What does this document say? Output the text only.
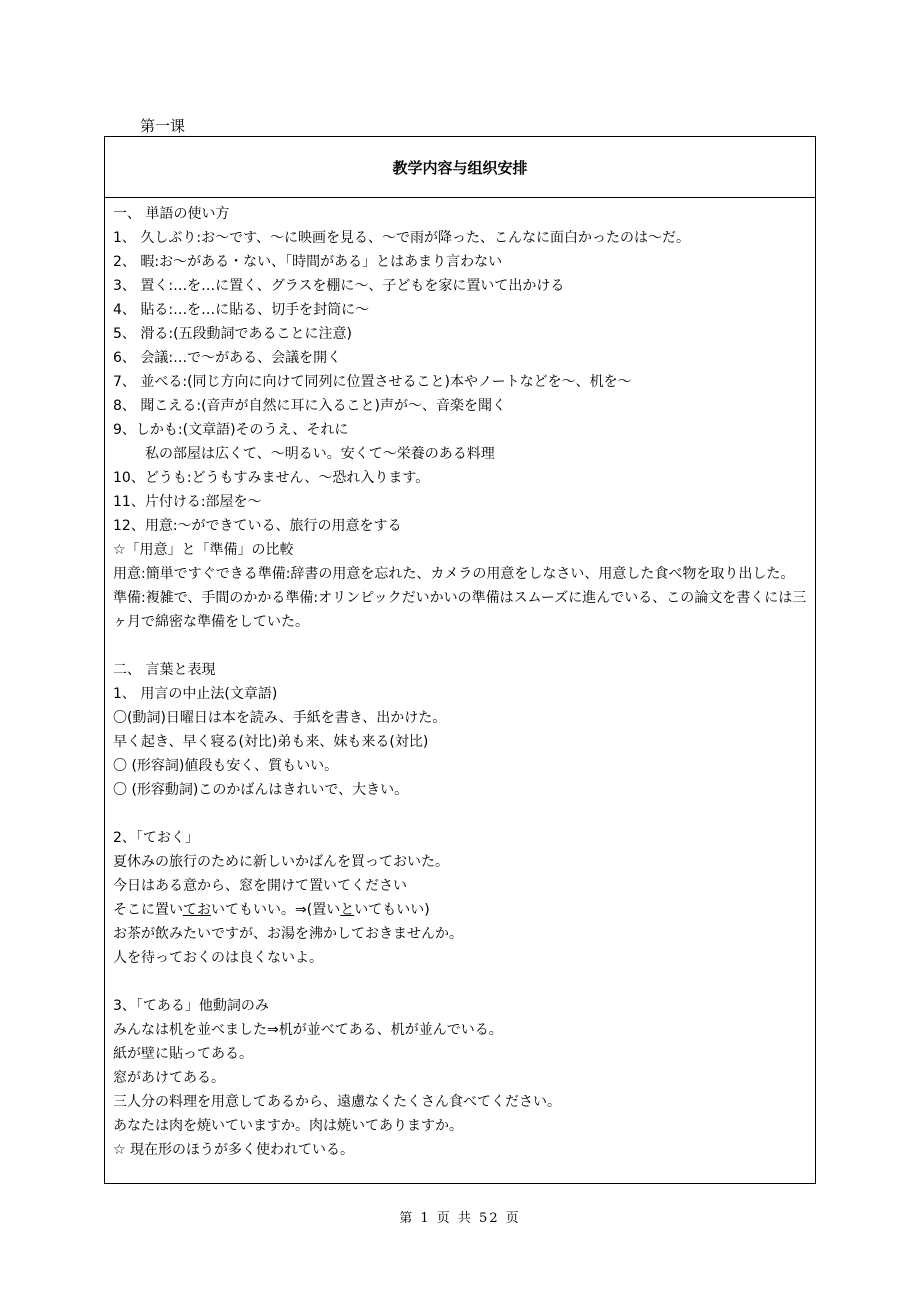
第一课
教学内容与组织安排
一、 単語の使い方
1、 久しぶり:お～です、～に映画を見る、～で雨が降った、こんなに面白かったのは～だ。
2、 暇:お～がある・ない、「時間がある」とはあまり言わない
3、 置く:…を…に置く、グラスを棚に～、子どもを家に置いて出かける
4、 貼る:…を…に貼る、切手を封筒に～
5、 滑る:(五段動詞であることに注意)
6、 会議:…で～がある、会議を開く
7、 並べる:(同じ方向に向けて同列に位置させること)本やノートなどを～、机を～
8、 聞こえる:(音声が自然に耳に入ること)声が～、音楽を聞く
9、しかも:(文章語)そのうえ、それに
私の部屋は広くて、～明るい。安くて～栄養のある料理
10、どうも:どうもすみません、～恐れ入ります。
11、片付ける:部屋を～
12、用意:～ができている、旅行の用意をする
☆「用意」と「準備」の比較
用意:簡単ですぐできる準備:辞書の用意を忘れた、カメラの用意をしなさい、用意した食べ物を取り出した。
準備:複雑で、手間のかかる準備:オリンピックだいかいの準備はスムーズに進んでいる、この論文を書くには三ヶ月で綿密な準備をしていた。
二、 言葉と表現
1、 用言の中止法(文章語)
〇(動詞)日曜日は本を読み、手紙を書き、出かけた。
早く起き、早く寝る(対比)弟も来、妹も来る(対比)
〇 (形容詞)値段も安く、質もいい。
〇 (形容動詞)このかばんはきれいで、大きい。
2、「ておく」
夏休みの旅行のために新しいかばんを買っておいた。
今日はある意から、窓を開けて置いてください
そこに置いておいてもいい。⇒(置いといてもいい)
お茶が飲みたいですが、お湯を沸かしておきませんか。
人を待っておくのは良くないよ。
3、「てある」他動詞のみ
みんなは机を並べました⇒机が並べてある、机が並んでいる。
紙が壁に貼ってある。
窓があけてある。
三人分の料理を用意してあるから、遠慮なくたくさん食べてください。
あなたは肉を焼いていますか。肉は焼いてありますか。
☆ 現在形のほうが多く使われている。
第 1 页 共 52 页
